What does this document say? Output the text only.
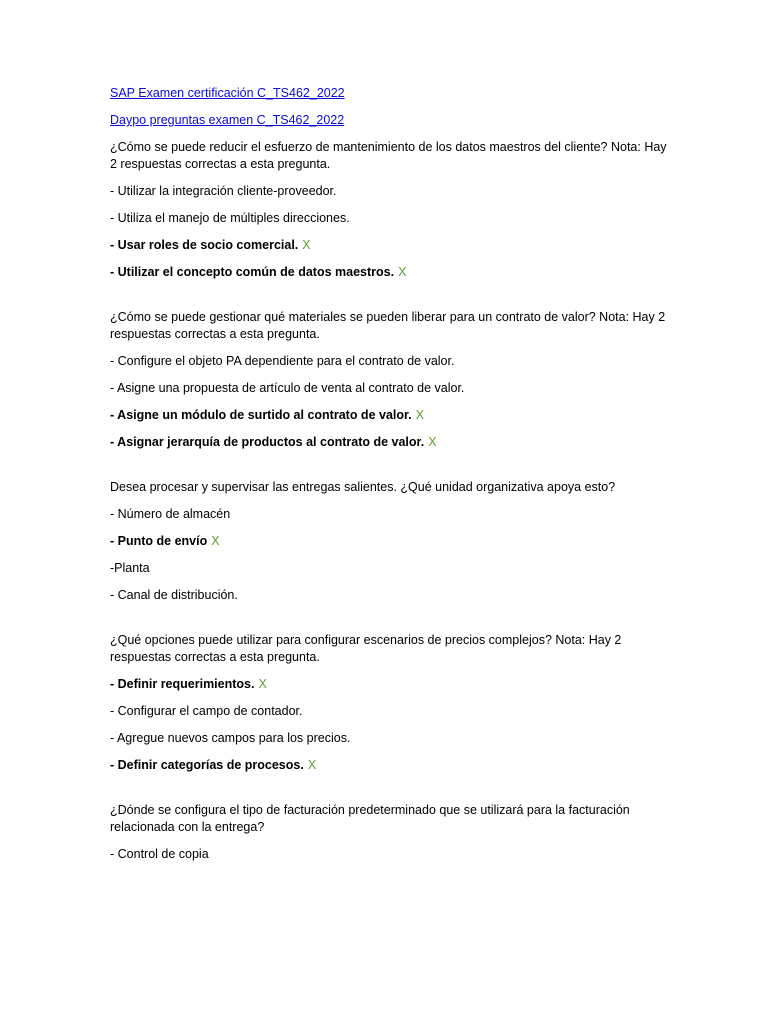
SAP Examen certificación C_TS462_2022
Daypo preguntas examen C_TS462_2022
¿Cómo se puede reducir el esfuerzo de mantenimiento de los datos maestros del cliente? Nota: Hay 2 respuestas correctas a esta pregunta.
- Utilizar la integración cliente-proveedor.
- Utiliza el manejo de múltiples direcciones.
- Usar roles de socio comercial. X
- Utilizar el concepto común de datos maestros. X
¿Cómo se puede gestionar qué materiales se pueden liberar para un contrato de valor? Nota: Hay 2 respuestas correctas a esta pregunta.
- Configure el objeto PA dependiente para el contrato de valor.
- Asigne una propuesta de artículo de venta al contrato de valor.
- Asigne un módulo de surtido al contrato de valor. X
- Asignar jerarquía de productos al contrato de valor. X
Desea procesar y supervisar las entregas salientes. ¿Qué unidad organizativa apoya esto?
- Número de almacén
- Punto de envío X
-Planta
- Canal de distribución.
¿Qué opciones puede utilizar para configurar escenarios de precios complejos? Nota: Hay 2 respuestas correctas a esta pregunta.
- Definir requerimientos. X
- Configurar el campo de contador.
- Agregue nuevos campos para los precios.
- Definir categorías de procesos. X
¿Dónde se configura el tipo de facturación predeterminado que se utilizará para la facturación relacionada con la entrega?
- Control de copia
